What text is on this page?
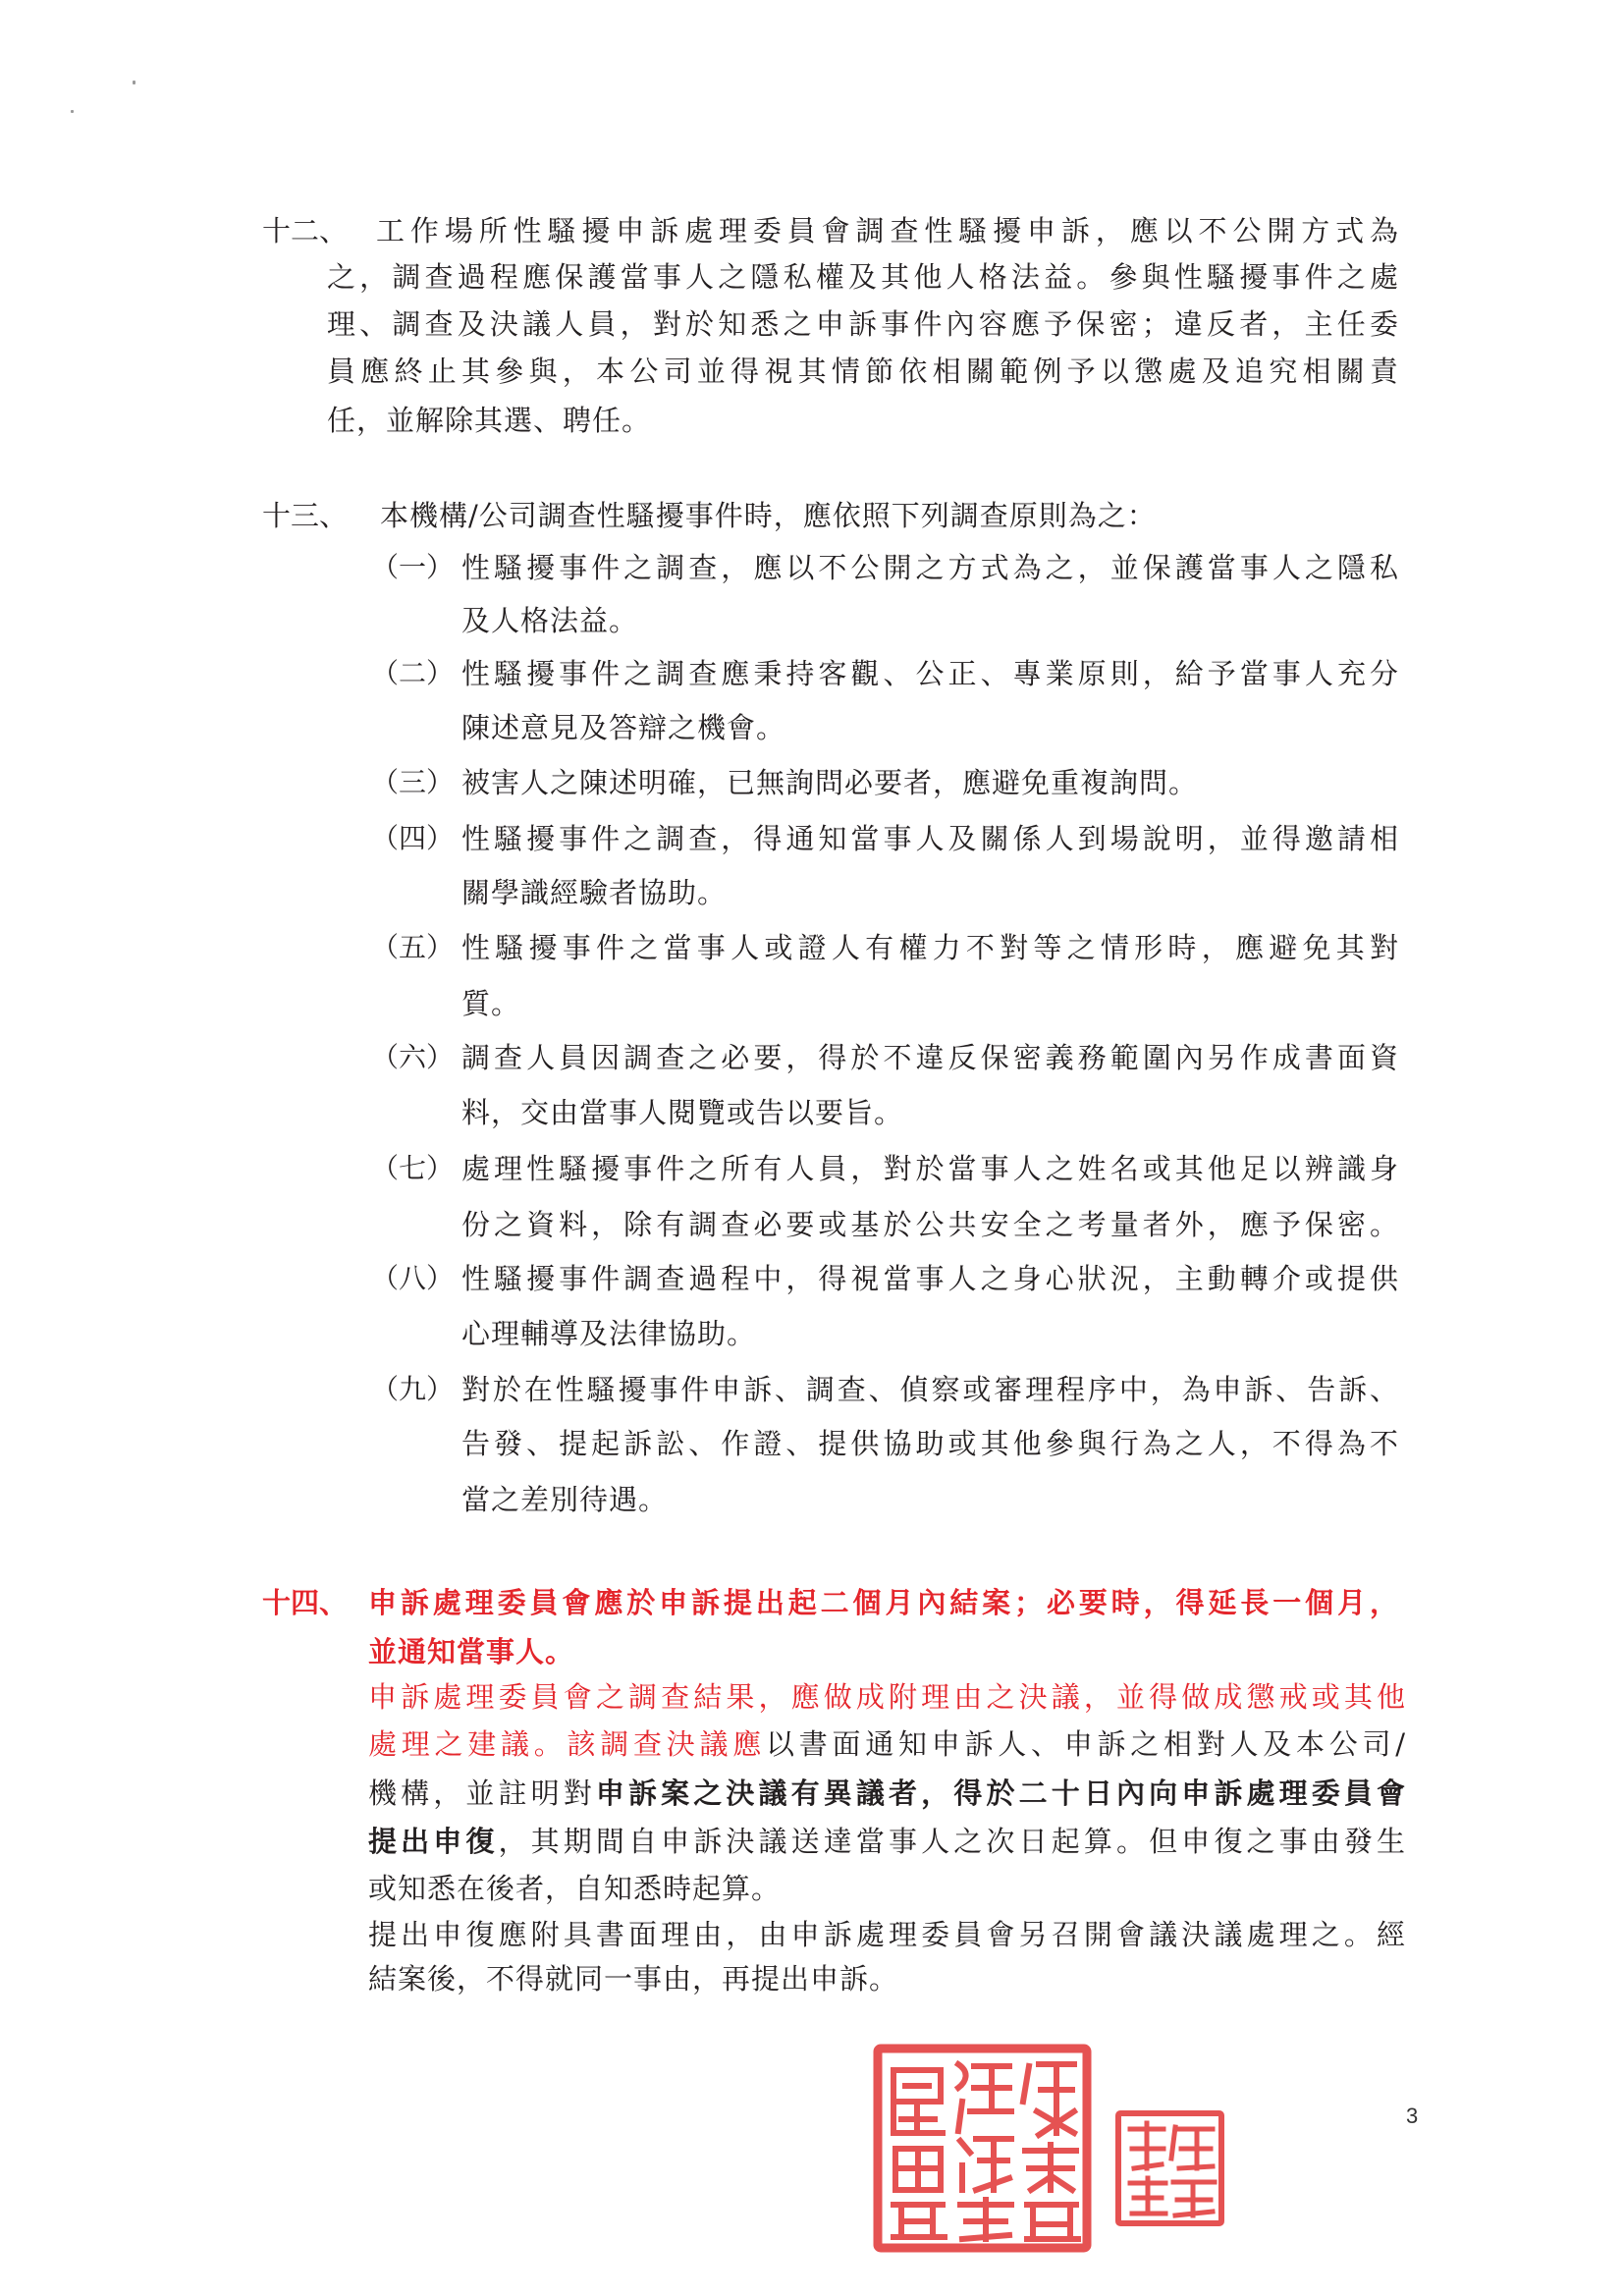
十二、 工作場所性騷擾申訴處理委員會調查性騷擾申訴，應以不公開方式為
之，調查過程應保護當事人之隱私權及其他人格法益。參與性騷擾事件之處
理、調查及決議人員，對於知悉之申訴事件內容應予保密；違反者，主任委
員應終止其參與，本公司並得視其情節依相關範例予以懲處及追究相關責
任，並解除其選、聘任。
十三、 本機構/公司調查性騷擾事件時，應依照下列調查原則為之：
（一） 性騷擾事件之調查，應以不公開之方式為之，並保護當事人之隱私
及人格法益。
（二） 性騷擾事件之調查應秉持客觀、公正、專業原則，給予當事人充分
陳述意見及答辯之機會。
（三） 被害人之陳述明確，已無詢問必要者，應避免重複詢問。
（四） 性騷擾事件之調查，得通知當事人及關係人到場說明，並得邀請相
關學識經驗者協助。
（五） 性騷擾事件之當事人或證人有權力不對等之情形時，應避免其對
質。
（六） 調查人員因調查之必要，得於不違反保密義務範圍內另作成書面資
料，交由當事人閱覽或告以要旨。
（七） 處理性騷擾事件之所有人員，對於當事人之姓名或其他足以辨識身
份之資料，除有調查必要或基於公共安全之考量者外，應予保密。
（八） 性騷擾事件調查過程中，得視當事人之身心狀況，主動轉介或提供
心理輔導及法律協助。
（九） 對於在性騷擾事件申訴、調查、偵察或審理程序中，為申訴、告訴、
告發、提起訴訟、作證、提供協助或其他參與行為之人，不得為不
當之差別待遇。
十四、 申訴處理委員會應於申訴提出起二個月內結案；必要時，得延長一個月，
並通知當事人。
申訴處理委員會之調查結果，應做成附理由之決議，並得做成懲戒或其他
處理之建議。該調查決議應以書面通知申訴人、申訴之相對人及本公司/
機構，並註明對申訴案之決議有異議者，得於二十日內向申訴處理委員會
提出申復，其期間自申訴決議送達當事人之次日起算。但申復之事由發生
或知悉在後者，自知悉時起算。
提出申復應附具書面理由，由申訴處理委員會另召開會議決議處理之。經
結案後，不得就同一事由，再提出申訴。
3
